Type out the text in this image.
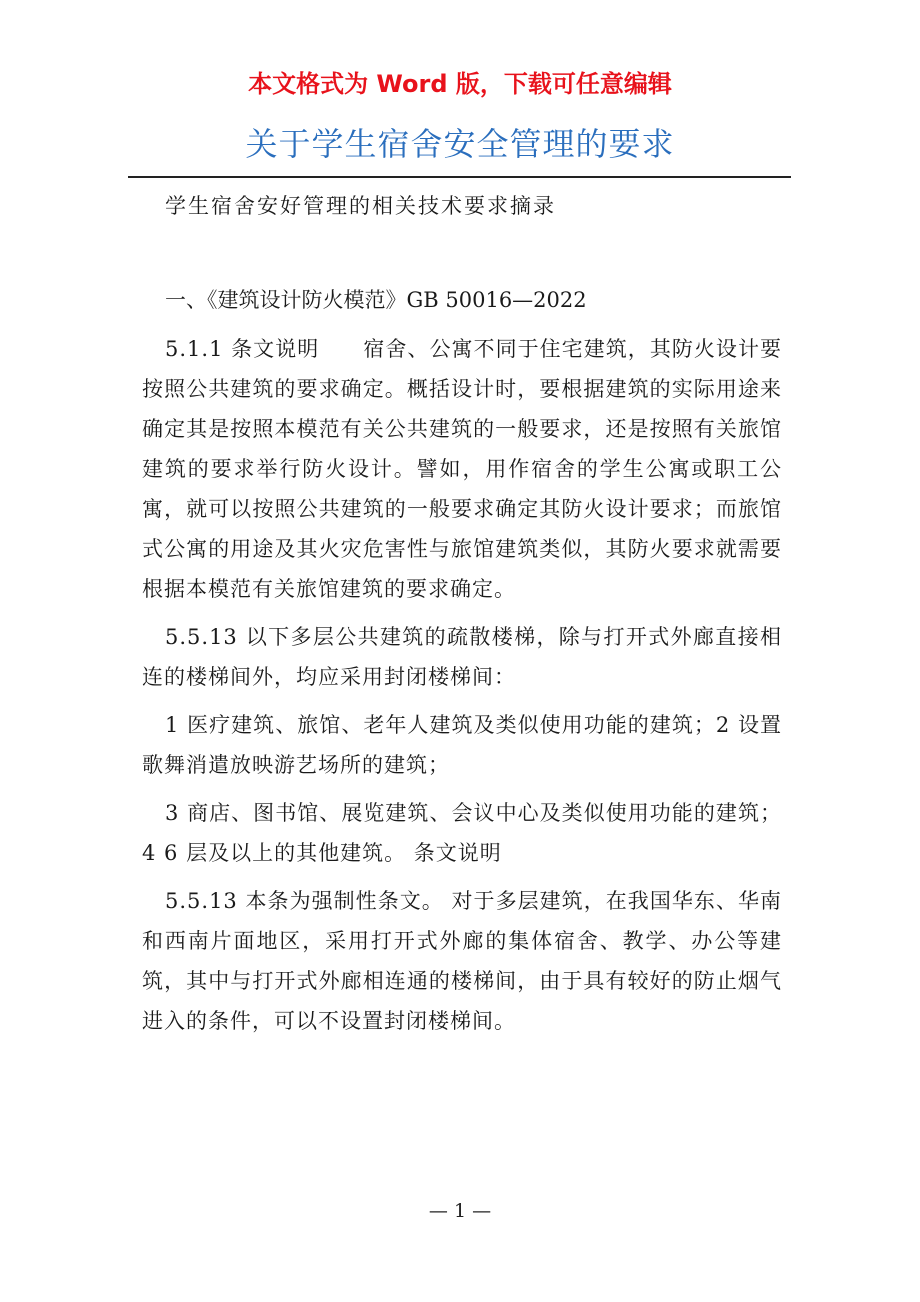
本文格式为 Word 版，下载可任意编辑
关于学生宿舍安全管理的要求
学生宿舍安好管理的相关技术要求摘录
一、《建筑设计防火模范》GB 50016—2022

5.1.1 条文说明　　宿舍、公寓不同于住宅建筑，其防火设计要按照公共建筑的要求确定。概括设计时，要根据建筑的实际用途来确定其是按照本模范有关公共建筑的一般要求，还是按照有关旅馆建筑的要求举行防火设计。譬如，用作宿舍的学生公寓或职工公寓，就可以按照公共建筑的一般要求确定其防火设计要求；而旅馆式公寓的用途及其火灾危害性与旅馆建筑类似，其防火要求就需要根据本模范有关旅馆建筑的要求确定。

5.5.13 以下多层公共建筑的疏散楼梯，除与打开式外廊直接相连的楼梯间外，均应采用封闭楼梯间：

1 医疗建筑、旅馆、老年人建筑及类似使用功能的建筑；2 设置歌舞消遣放映游艺场所的建筑；

3 商店、图书馆、展览建筑、会议中心及类似使用功能的建筑；4 6 层及以上的其他建筑。 条文说明

5.5.13 本条为强制性条文。 对于多层建筑，在我国华东、华南和西南片面地区，采用打开式外廊的集体宿舍、教学、办公等建筑，其中与打开式外廊相连通的楼梯间，由于具有较好的防止烟气进入的条件，可以不设置封闭楼梯间。

— 1 —
